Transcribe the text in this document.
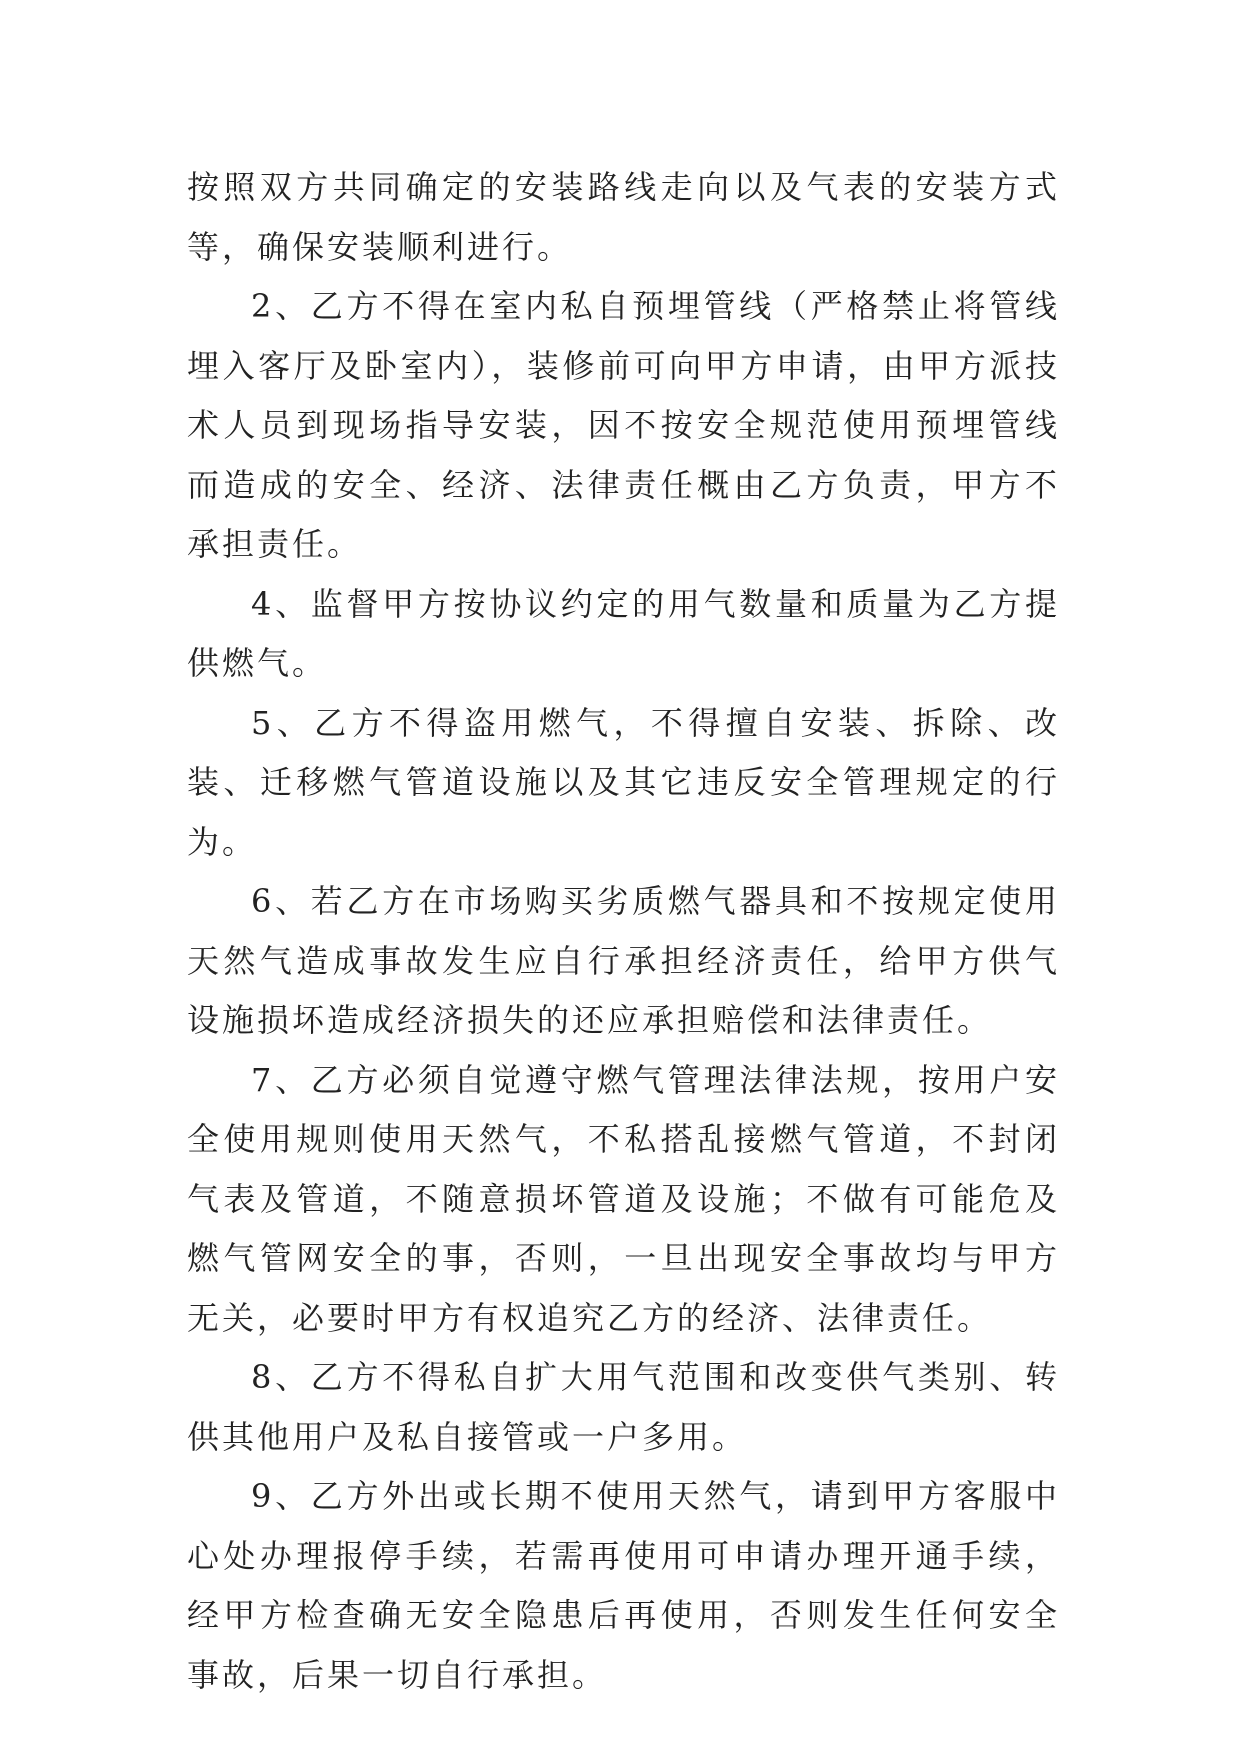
按照双方共同确定的安装路线走向以及气表的安装方式等，确保安装顺利进行。

2、乙方不得在室内私自预埋管线（严格禁止将管线埋入客厅及卧室内），装修前可向甲方申请，由甲方派技术人员到现场指导安装，因不按安全规范使用预埋管线而造成的安全、经济、法律责任概由乙方负责，甲方不承担责任。

4、监督甲方按协议约定的用气数量和质量为乙方提供燃气。

5、乙方不得盗用燃气，不得擅自安装、拆除、改装、迁移燃气管道设施以及其它违反安全管理规定的行为。

6、若乙方在市场购买劣质燃气器具和不按规定使用天然气造成事故发生应自行承担经济责任，给甲方供气设施损坏造成经济损失的还应承担赔偿和法律责任。

7、乙方必须自觉遵守燃气管理法律法规，按用户安全使用规则使用天然气，不私搭乱接燃气管道，不封闭气表及管道，不随意损坏管道及设施；不做有可能危及燃气管网安全的事，否则，一旦出现安全事故均与甲方无关，必要时甲方有权追究乙方的经济、法律责任。

8、乙方不得私自扩大用气范围和改变供气类别、转供其他用户及私自接管或一户多用。

9、乙方外出或长期不使用天然气，请到甲方客服中心处办理报停手续，若需再使用可申请办理开通手续，经甲方检查确无安全隐患后再使用，否则发生任何安全事故，后果一切自行承担。
